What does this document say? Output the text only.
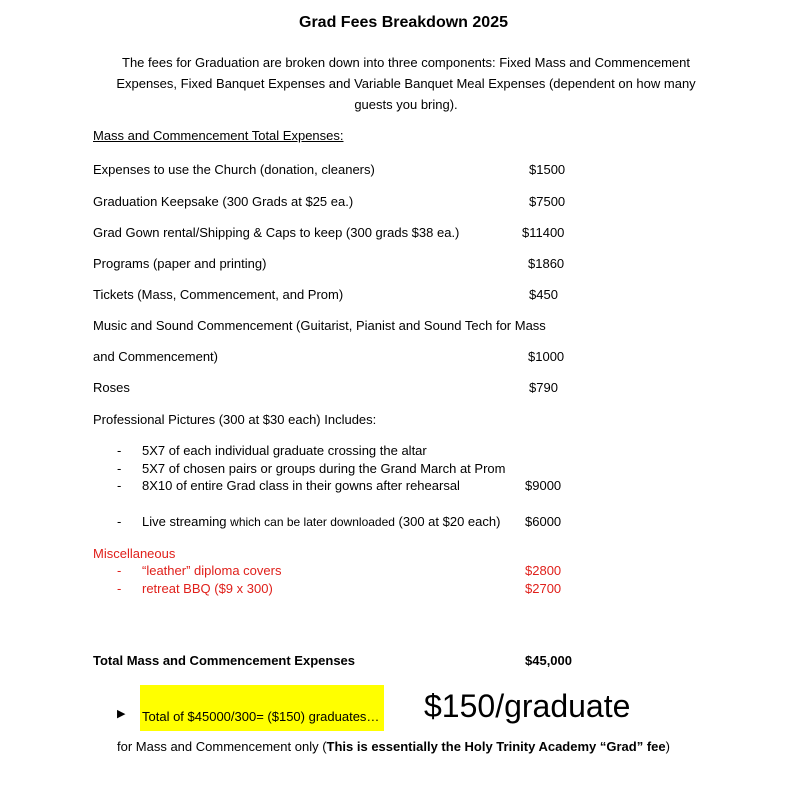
Grad Fees Breakdown 2025
The fees for Graduation are broken down into three components: Fixed Mass and Commencement Expenses, Fixed Banquet Expenses and Variable Banquet Meal Expenses (dependent on how many guests you bring).
Mass and Commencement Total Expenses:
Expenses to use the Church (donation, cleaners)	$1500
Graduation Keepsake (300 Grads at $25 ea.)	$7500
Grad Gown rental/Shipping & Caps to keep (300 grads $38 ea.)	$11400
Programs (paper and printing)	$1860
Tickets (Mass, Commencement, and Prom)	$450
Music and Sound Commencement (Guitarist, Pianist and Sound Tech for Mass
and Commencement)	$1000
Roses	$790
Professional Pictures (300 at $30 each) Includes:
- 5X7 of each individual graduate crossing the altar
- 5X7 of chosen pairs or groups during the Grand March at Prom
- 8X10 of entire Grad class in their gowns after rehearsal	$9000
- Live streaming which can be later downloaded (300 at $20 each) $6000
Miscellaneous
- “leather” diploma covers	$2800
- retreat BBQ ($9 x 300)	$2700
Total Mass and Commencement Expenses	$45,000
▶ Total of $45000/300= ($150) graduates… $150/graduate
for Mass and Commencement only (This is essentially the Holy Trinity Academy “Grad” fee)
